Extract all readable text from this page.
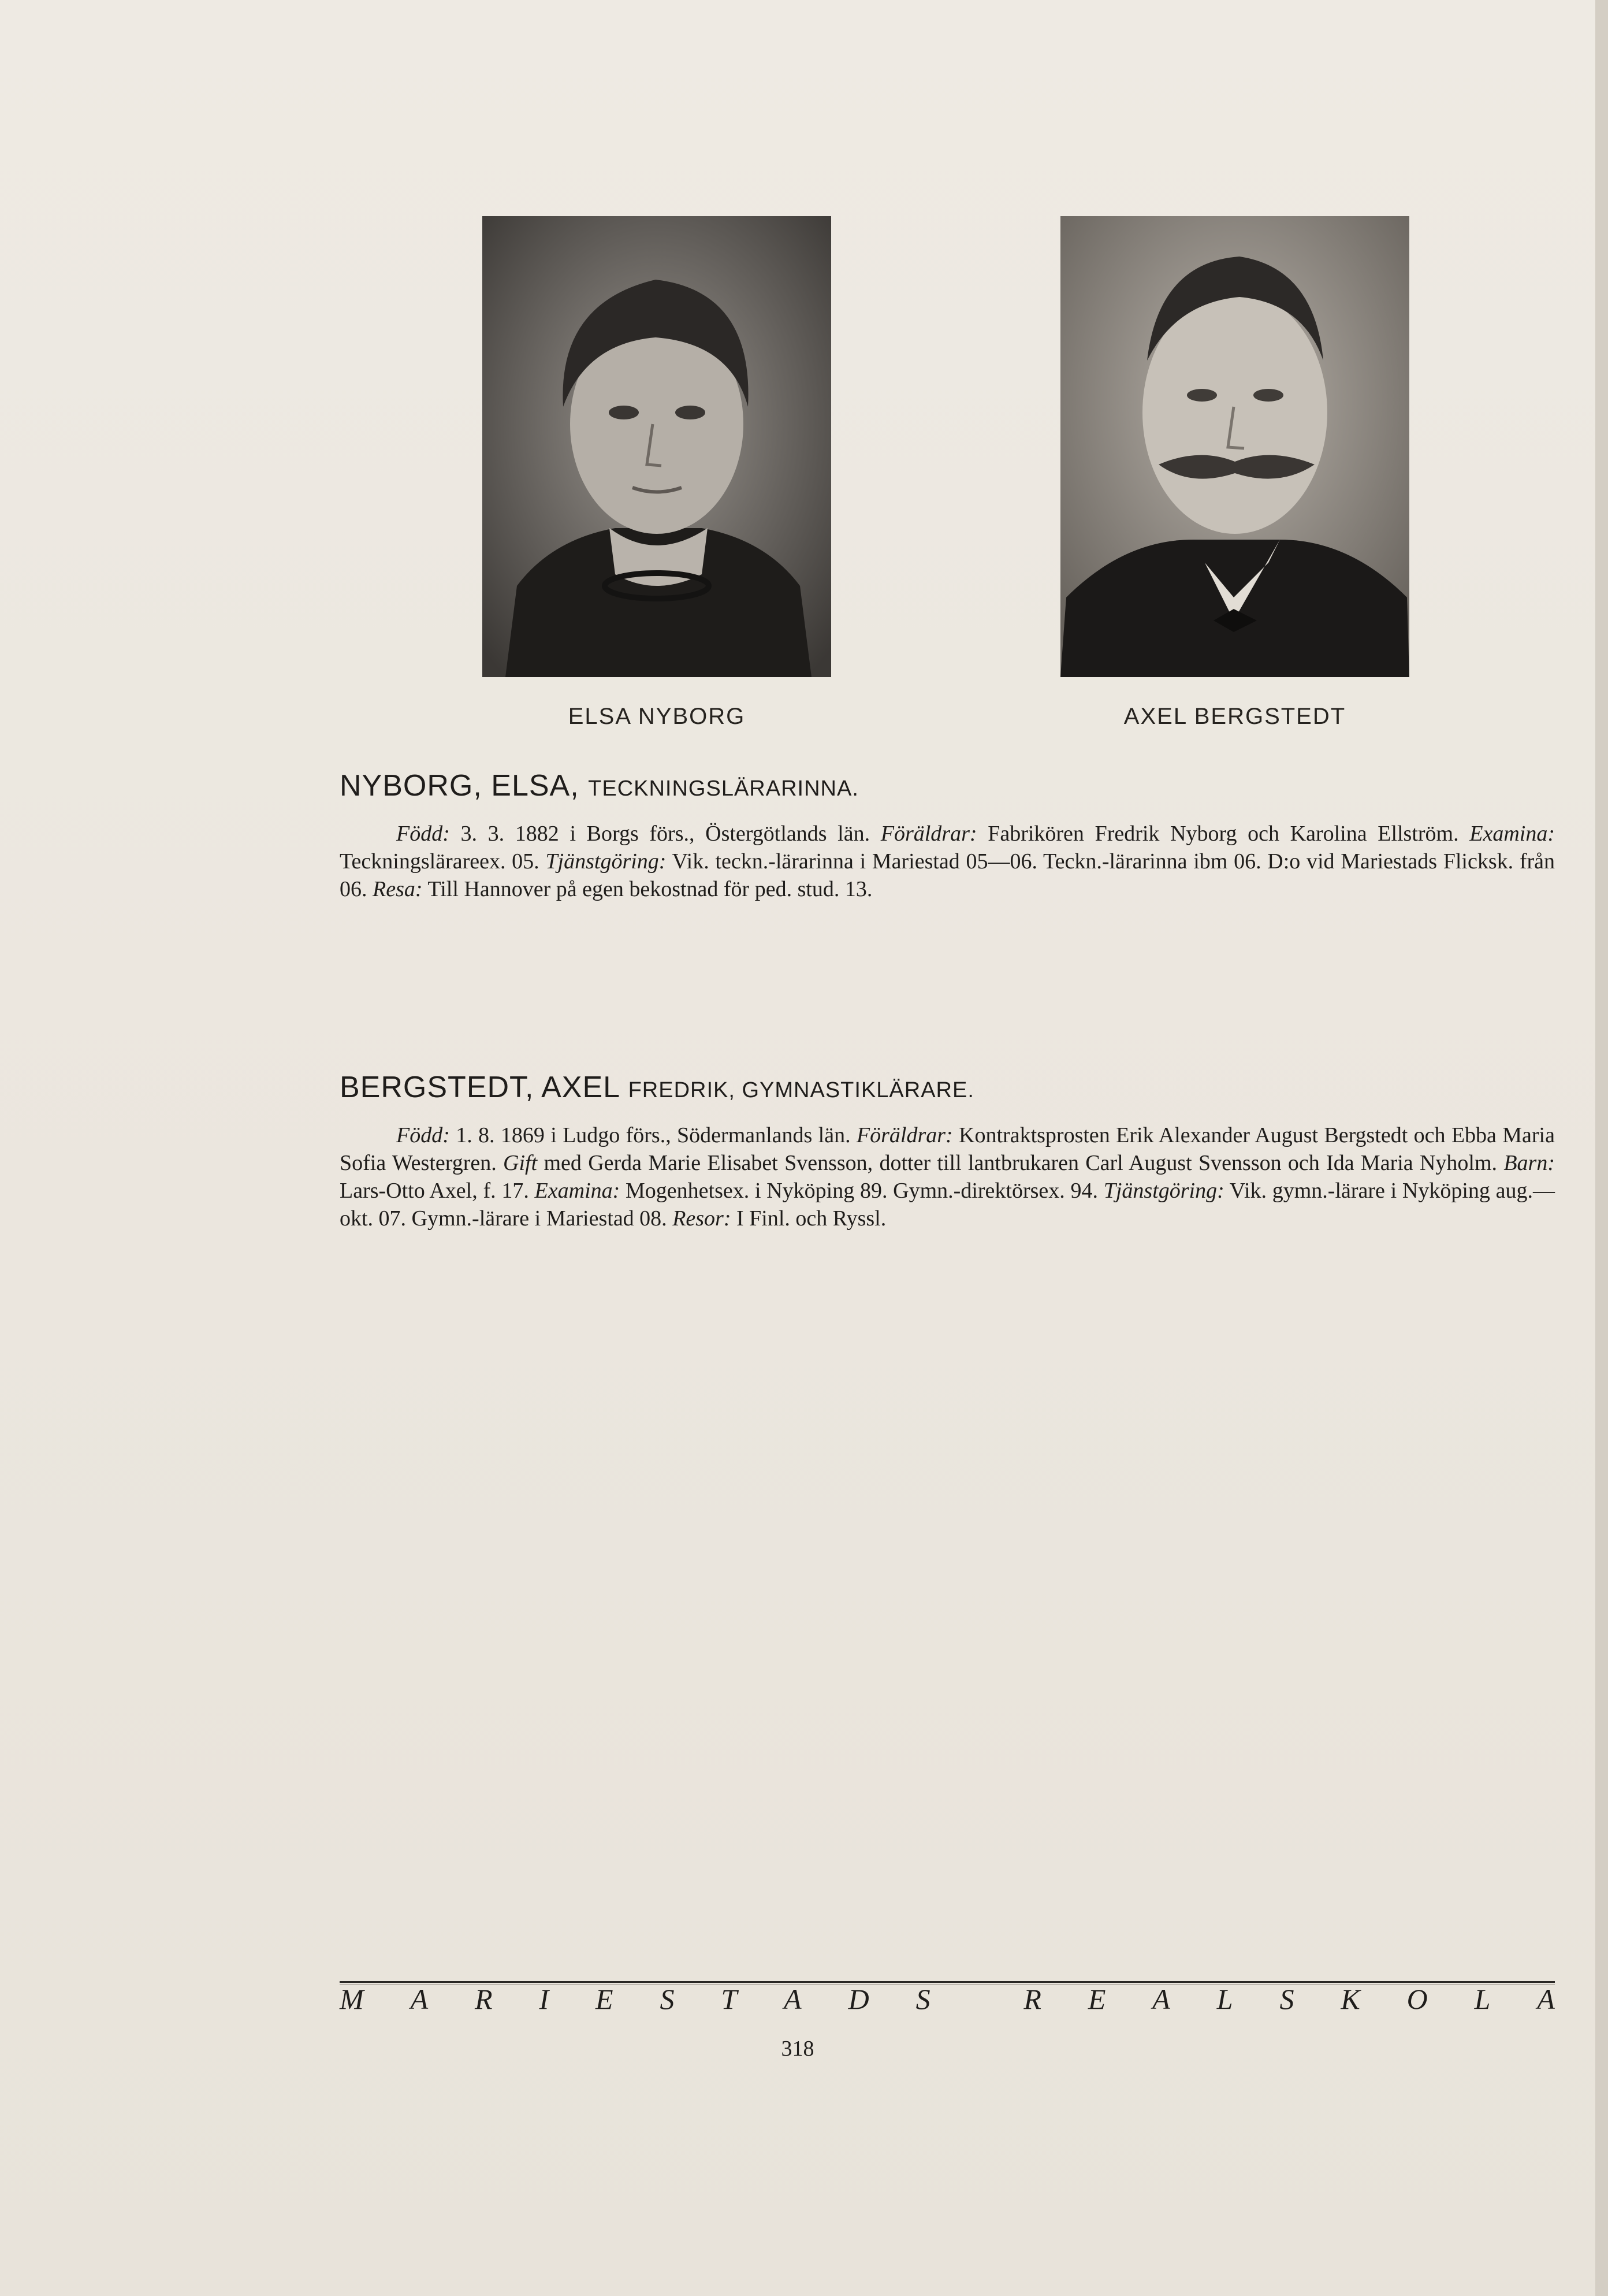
ELSA NYBORG	AXEL BERGSTEDT
NYBORG, ELSA, TECKNINGSLÄRARINNA.

Född: 3. 3. 1882 i Borgs förs., Östergötlands län. Föräldrar: Fabrikören Fredrik Nyborg och Karolina Ellström. Examina: Teckningslärareex. 05. Tjänstgöring: Vik. teckn.-lärarinna i Mariestad 05—06. Teckn.-lärarinna ibm 06. D:o vid Mariestads Flicksk. från 06. Resa: Till Hannover på egen bekostnad för ped. stud. 13.

BERGSTEDT, AXEL FREDRIK, GYMNASTIKLÄRARE.

Född: 1. 8. 1869 i Ludgo förs., Södermanlands län. Föräldrar: Kontraktsprosten Erik Alexander August Bergstedt och Ebba Maria Sofia Westergren. Gift med Gerda Marie Elisabet Svensson, dotter till lantbrukaren Carl August Svensson och Ida Maria Nyholm. Barn: Lars-Otto Axel, f. 17. Examina: Mogenhetsex. i Nyköping 89. Gymn.-direktörsex. 94. Tjänstgöring: Vik. gymn.-lärare i Nyköping aug.—okt. 07. Gymn.-lärare i Mariestad 08. Resor: I Finl. och Ryssl.

M A R I E S T A D S	R E A L S K O L A
318
